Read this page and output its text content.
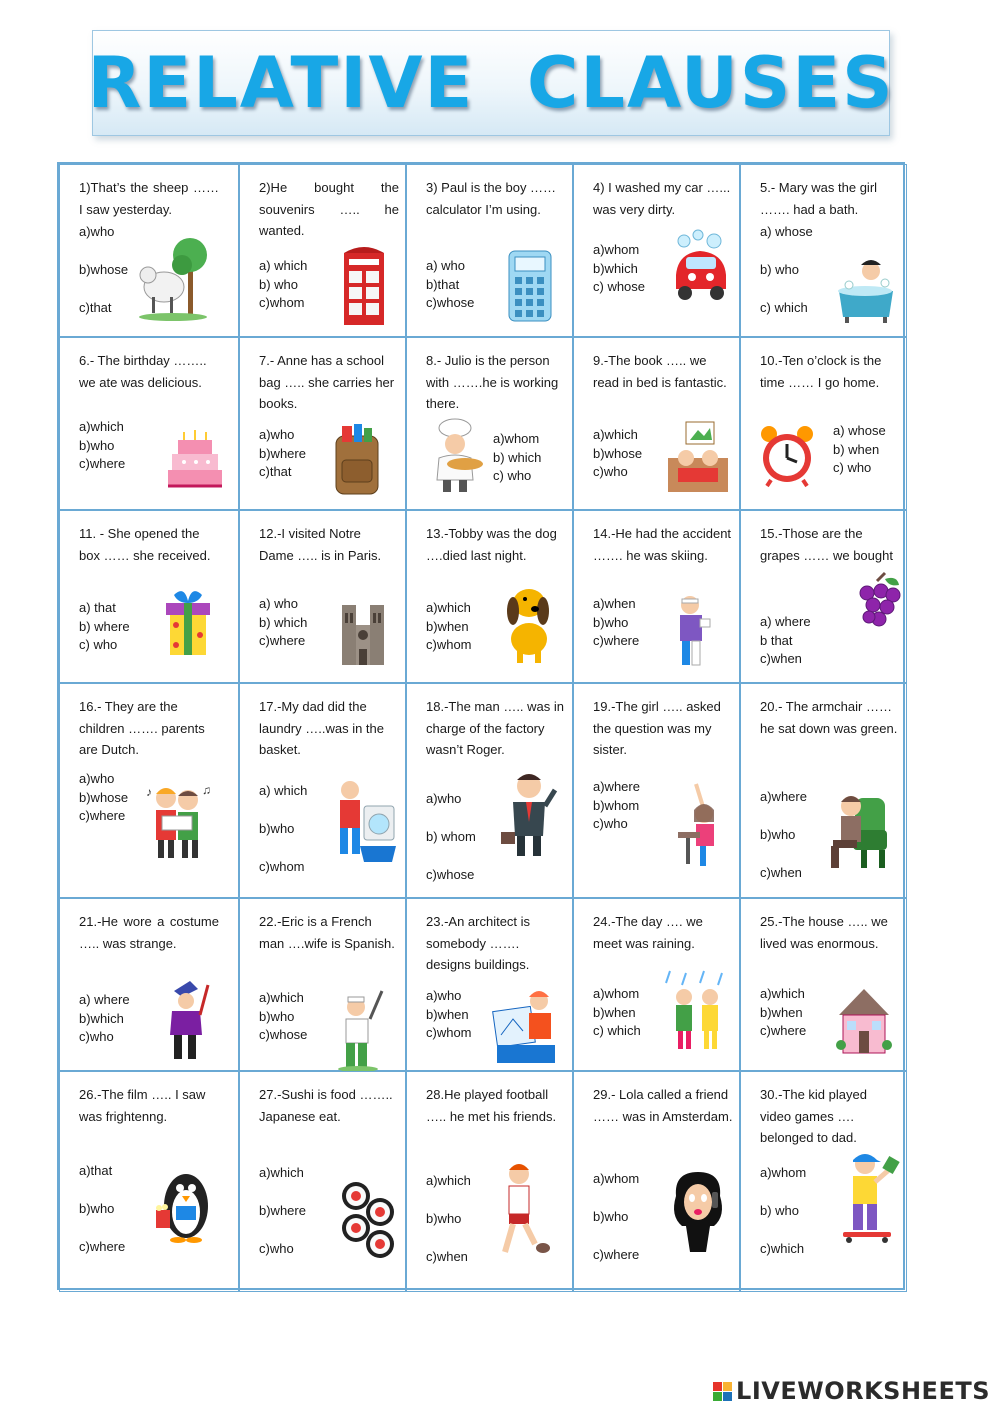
RELATIVE  CLAUSES
1)That’s the sheep …… I saw yesterday.
a)who
b)whose
c)that
2)He bought the souvenirs ….. he wanted.
a) which
b) who
c)whom
3) Paul is the boy …… calculator I’m using.
a) who
b)that
c)whose
4) I washed my car …... was very dirty.
a)whom
b)which
c) whose
5.- Mary was the girl ……. had a bath.
a) whose
b) who
c) which
6.- The birthday …….. we ate was delicious.
a)which
b)who
c)where
7.- Anne has a school bag ….. she carries her books.
a)who
b)where
c)that
8.- Julio is the person with …….he is working there.
a)whom
b) which
c) who
9.-The book ….. we read in bed is fantastic.
a)which
b)whose
c)who
10.-Ten o’clock is the time …… I go home.
a) whose
b) when
c) who
11. - She opened the box …… she received.
a) that
b) where
c) who
12.-I visited Notre Dame ….. is in Paris.
a) who
b) which
c)where
13.-Tobby was the dog ….died last night.
a)which
b)when
c)whom
14.-He had the accident ……. he was skiing.
a)when
b)who
c)where
15.-Those are the grapes …… we bought
a) where
b that
c)when
16.- They are the children ……. parents are Dutch.
a)who
b)whose
c)where
♪	♫
17.-My dad did the laundry …..was in the basket.
a) which
b)who
c)whom
18.-The man ….. was in charge of the factory wasn’t Roger.
a)who
b) whom
c)whose
19.-The girl ….. asked the question was my sister.
a)where
b)whom
c)who
20.- The armchair …… he sat down was green.
a)where
b)who
c)when
21.-He wore a costume ….. was strange.
a) where
b)which
c)who
22.-Eric is a French man ….wife is Spanish.
a)which
b)who
c)whose
23.-An architect is somebody ……. designs buildings.
a)who
b)when
c)whom
24.-The day …. we meet was raining.
a)whom
b)when
c) which
25.-The house ….. we lived was enormous.
a)which
b)when
c)where
26.-The film ….. I saw was frightenng.
a)that
b)who
c)where
27.-Sushi is food …….. Japanese eat.
a)which
b)where
c)who
28.He played football ….. he met his friends.
a)which
b)who
c)when
29.- Lola called a friend …… was in Amsterdam.
a)whom
b)who
c)where
30.-The kid played video games …. belonged to dad.
a)whom
b) who
c)which
LIVEWORKSHEETS
